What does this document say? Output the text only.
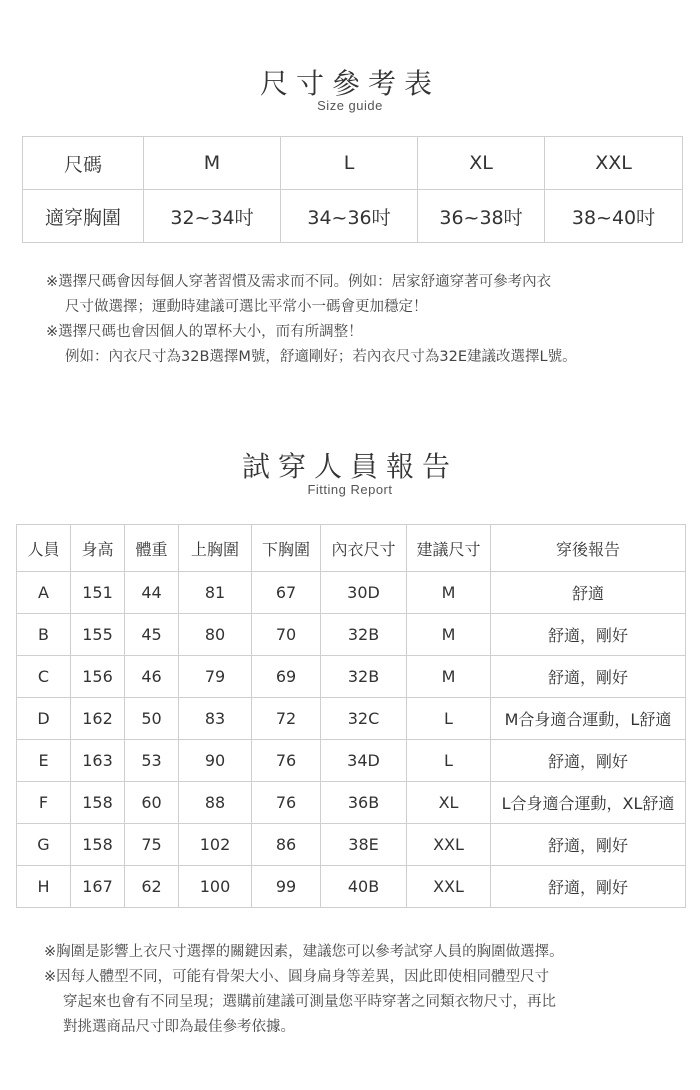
尺寸參考表
Size guide
尺碼	M	L	XL	XXL
適穿胸圍	32~34吋	34~36吋	36~38吋	38~40吋
※選擇尺碼會因每個人穿著習慣及需求而不同。例如：居家舒適穿著可參考內衣
尺寸做選擇；運動時建議可選比平常小一碼會更加穩定！
※選擇尺碼也會因個人的罩杯大小，而有所調整！
例如：內衣尺寸為32B選擇M號，舒適剛好；若內衣尺寸為32E建議改選擇L號。
試穿人員報告
Fitting Report
人員	身高	體重	上胸圍	下胸圍	內衣尺寸	建議尺寸	穿後報告
A	151	44	81	67	30D	M	舒適
B	155	45	80	70	32B	M	舒適，剛好
C	156	46	79	69	32B	M	舒適，剛好
D	162	50	83	72	32C	L	M合身適合運動，L舒適
E	163	53	90	76	34D	L	舒適，剛好
F	158	60	88	76	36B	XL	L合身適合運動，XL舒適
G	158	75	102	86	38E	XXL	舒適，剛好
H	167	62	100	99	40B	XXL	舒適，剛好
※胸圍是影響上衣尺寸選擇的關鍵因素，建議您可以參考試穿人員的胸圍做選擇。
※因每人體型不同，可能有骨架大小、圓身扁身等差異，因此即使相同體型尺寸
穿起來也會有不同呈現；選購前建議可測量您平時穿著之同類衣物尺寸，再比
對挑選商品尺寸即為最佳參考依據。
